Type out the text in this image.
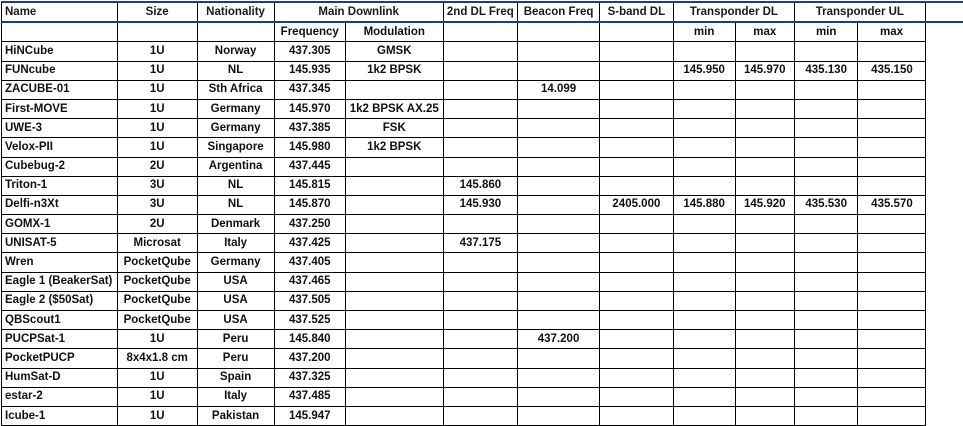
Name	Size	Nationality	Main Downlink		2nd DL Freq	Beacon Freq	S-band DL	Transponder DL		Transponder UL		
			Frequency	Modulation				min	max	min	max	
HiNCube	1U	Norway	437.305	GMSK								
FUNcube	1U	NL	145.935	1k2 BPSK				145.950	145.970	435.130	435.150	
ZACUBE-01	1U	Sth Africa	437.345			14.099						
First-MOVE	1U	Germany	145.970	1k2 BPSK AX.25								
UWE-3	1U	Germany	437.385	FSK								
Velox-PII	1U	Singapore	145.980	1k2 BPSK								
Cubebug-2	2U	Argentina	437.445									
Triton-1	3U	NL	145.815		145.860							
Delfi-n3Xt	3U	NL	145.870		145.930		2405.000	145.880	145.920	435.530	435.570	
GOMX-1	2U	Denmark	437.250									
UNISAT-5	Microsat	Italy	437.425		437.175							
Wren	PocketQube	Germany	437.405									
Eagle 1 (BeakerSat)	PocketQube	USA	437.465									
Eagle 2 ($50Sat)	PocketQube	USA	437.505									
QBScout1	PocketQube	USA	437.525									
PUCPSat-1	1U	Peru	145.840			437.200						
PocketPUCP	8x4x1.8 cm	Peru	437.200									
HumSat-D	1U	Spain	437.325									
estar-2	1U	Italy	437.485									
Icube-1	1U	Pakistan	145.947									
